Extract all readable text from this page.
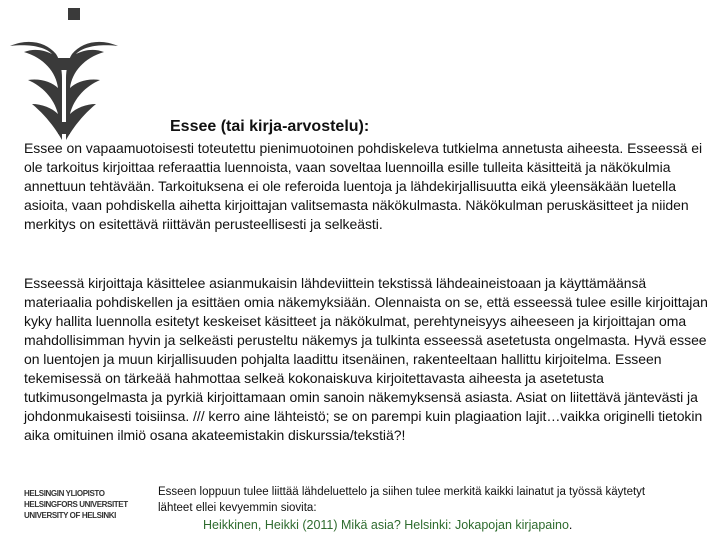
Essee (tai kirja-arvostelu):

Essee on vapaamuotoisesti toteutettu pienimuotoinen pohdiskeleva tutkielma annetusta aiheesta. Esseessä ei ole tarkoitus kirjoittaa referaattia luennoista, vaan soveltaa luennoilla esille tulleita käsitteitä ja näkökulmia annettuun tehtävään. Tarkoituksena ei ole referoida luentoja ja lähdekirjallisuutta eikä yleensäkään luetella asioita, vaan pohdiskella aihetta kirjoittajan valitsemasta näkökulmasta. Näkökulman peruskäsitteet ja niiden merkitys on esitettävä riittävän perusteellisesti ja selkeästi.

Esseessä kirjoittaja käsittelee asianmukaisin lähdeviittein tekstissä lähdeaineistoaan ja käyttämäänsä materiaalia pohdiskellen ja esittäen omia näkemyksiään. Olennaista on se, että esseessä tulee esille kirjoittajan kyky hallita luennolla esitetyt keskeiset käsitteet ja näkökulmat, perehtyneisyys aiheeseen ja kirjoittajan oma mahdollisimman hyvin ja selkeästi perusteltu näkemys ja tulkinta esseessä asetetusta ongelmasta. Hyvä essee on luentojen ja muun kirjallisuuden pohjalta laadittu itsenäinen, rakenteeltaan hallittu kirjoitelma. Esseen tekemisessä on tärkeää hahmottaa selkeä kokonaiskuva kirjoitettavasta aiheesta ja asetetusta tutkimusongelmasta ja pyrkiä kirjoittamaan omin sanoin näkemyksensä asiasta. Asiat on liitettävä jäntevästi ja johdonmukaisesti toisiinsa. /// kerro aine lähteistö; se on parempi kuin plagiaation lajit…vaikka originelli tietokin aika omituinen ilmiö osana akateemistakin diskurssia/tekstiä?!

HELSINGIN YLIOPISTO
HELSINGFORS UNIVERSITET
UNIVERSITY OF HELSINKI

Esseen loppuun tulee liittää lähdeluettelo ja siihen tulee merkitä kaikki lainatut ja työssä käytetyt lähteet ellei kevyemmin siovita:

Heikkinen, Heikki (2011) Mikä asia? Helsinki: Jokapojan kirjapaino.
